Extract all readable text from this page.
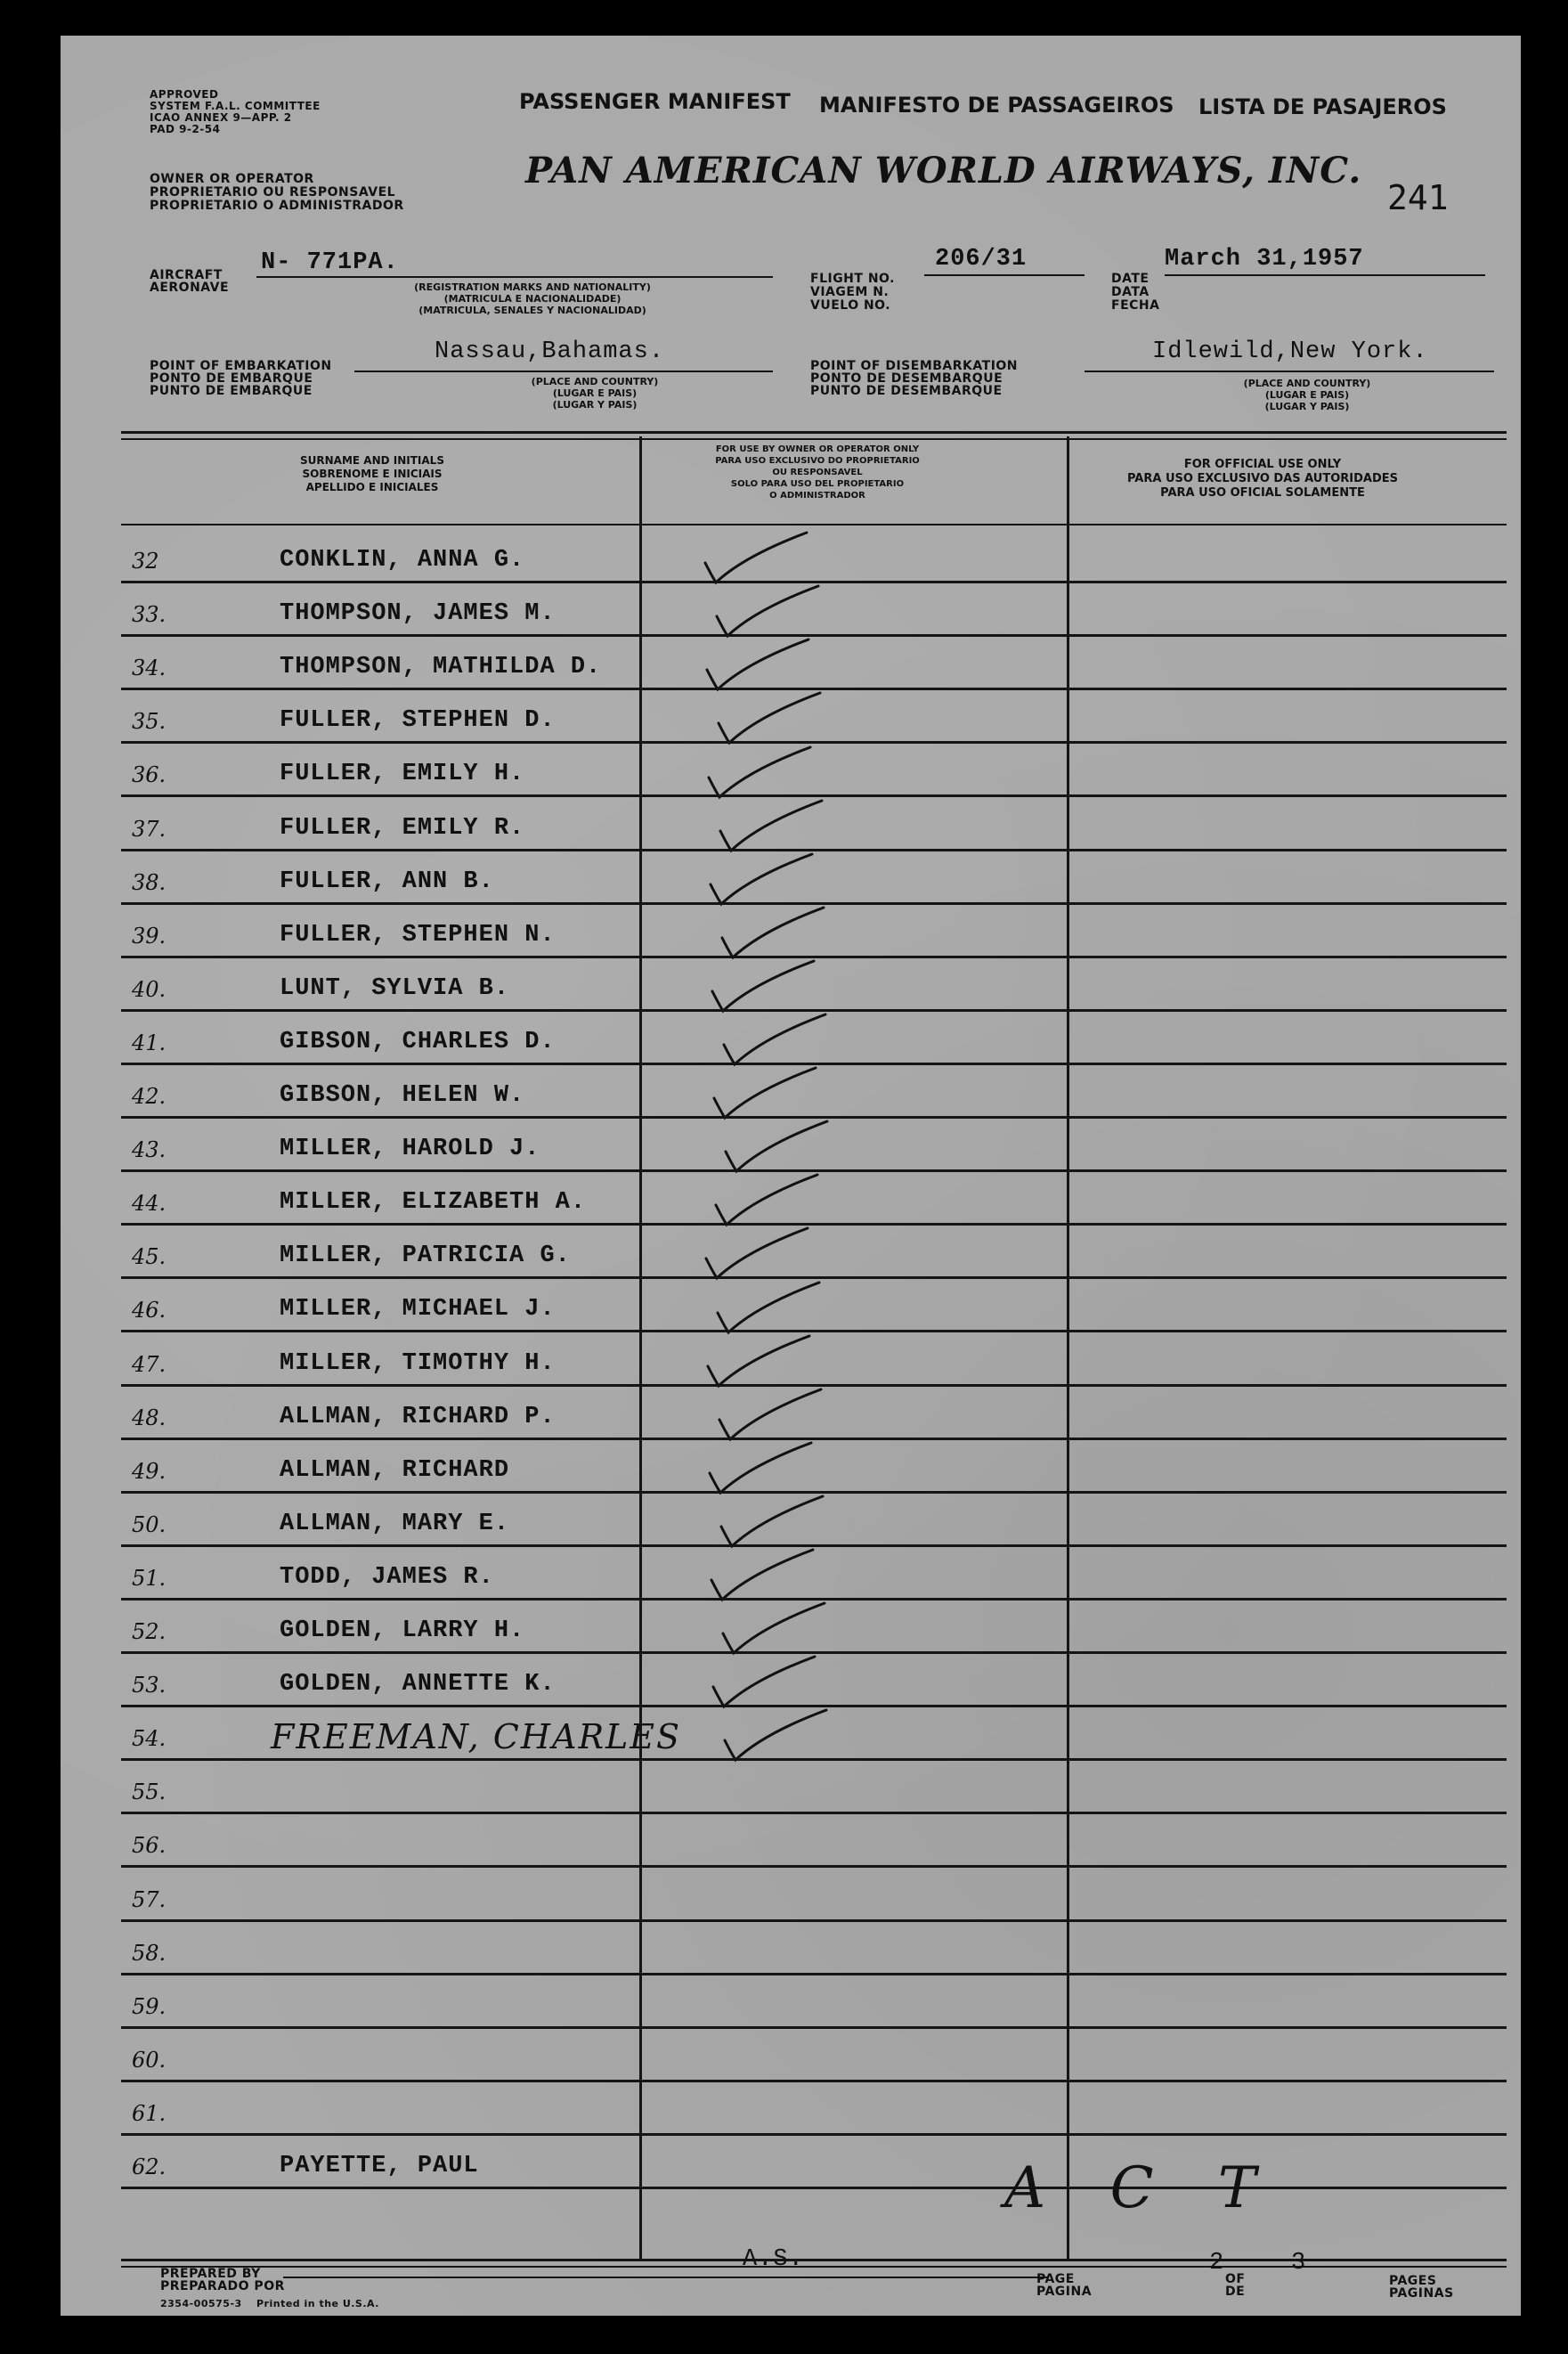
APPROVED
SYSTEM F.A.L. COMMITTEE
ICAO ANNEX 9—APP. 2
PAD 9-2-54
OWNER OR OPERATOR
PROPRIETARIO OU RESPONSAVEL
PROPRIETARIO O ADMINISTRADOR
PASSENGER MANIFEST MANIFESTO DE PASSAGEIROS LISTA DE PASAJEROS
PAN AMERICAN WORLD AIRWAYS, INC.
241
AIRCRAFT
AERONAVE
N- 771PA.
(REGISTRATION MARKS AND NATIONALITY)
(MATRICULA E NACIONALIDADE)
(MATRICULA, SENALES Y NACIONALIDAD)
FLIGHT NO.
VIAGEM N.
VUELO NO.
206/31
DATE
DATA
FECHA
March 31,1957
POINT OF EMBARKATION
PONTO DE EMBARQUE
PUNTO DE EMBARQUE
Nassau,Bahamas.
(PLACE AND COUNTRY)
(LUGAR E PAIS)
(LUGAR Y PAIS)
POINT OF DISEMBARKATION
PONTO DE DESEMBARQUE
PUNTO DE DESEMBARQUE
Idlewild,New York.
(PLACE AND COUNTRY)
(LUGAR E PAIS)
(LUGAR Y PAIS)
SURNAME AND INITIALS
SOBRENOME E INICIAIS
APELLIDO E INICIALES
FOR USE BY OWNER OR OPERATOR ONLY
PARA USO EXCLUSIVO DO PROPRIETARIO
OU RESPONSAVEL
SOLO PARA USO DEL PROPIETARIO
O ADMINISTRADOR
FOR OFFICIAL USE ONLY
PARA USO EXCLUSIVO DAS AUTORIDADES
PARA USO OFICIAL SOLAMENTE
32	CONKLIN, ANNA G.
33.	THOMPSON, JAMES M.
34.	THOMPSON, MATHILDA D.
35.	FULLER, STEPHEN D.
36.	FULLER, EMILY H.
37.	FULLER, EMILY R.
38.	FULLER, ANN B.
39.	FULLER, STEPHEN N.
40.	LUNT, SYLVIA B.
41.	GIBSON, CHARLES D.
42.	GIBSON, HELEN W.
43.	MILLER, HAROLD J.
44.	MILLER, ELIZABETH A.
45.	MILLER, PATRICIA G.
46.	MILLER, MICHAEL J.
47.	MILLER, TIMOTHY H.
48.	ALLMAN, RICHARD P.
49.	ALLMAN, RICHARD
50.	ALLMAN, MARY E.
51.	TODD, JAMES R.
52.	GOLDEN, LARRY H.
53.	GOLDEN, ANNETTE K.
54.	FREEMAN, CHARLES
55.
56.
57.
58.
59.
60.
61.
62.	PAYETTE, PAUL	A C T
PREPARED BY
PREPARADO POR
A.S.
2354-00575-3 Printed in the U.S.A.
PAGE
PAGINA
2
OF
DE
3
PAGES
PAGINAS
